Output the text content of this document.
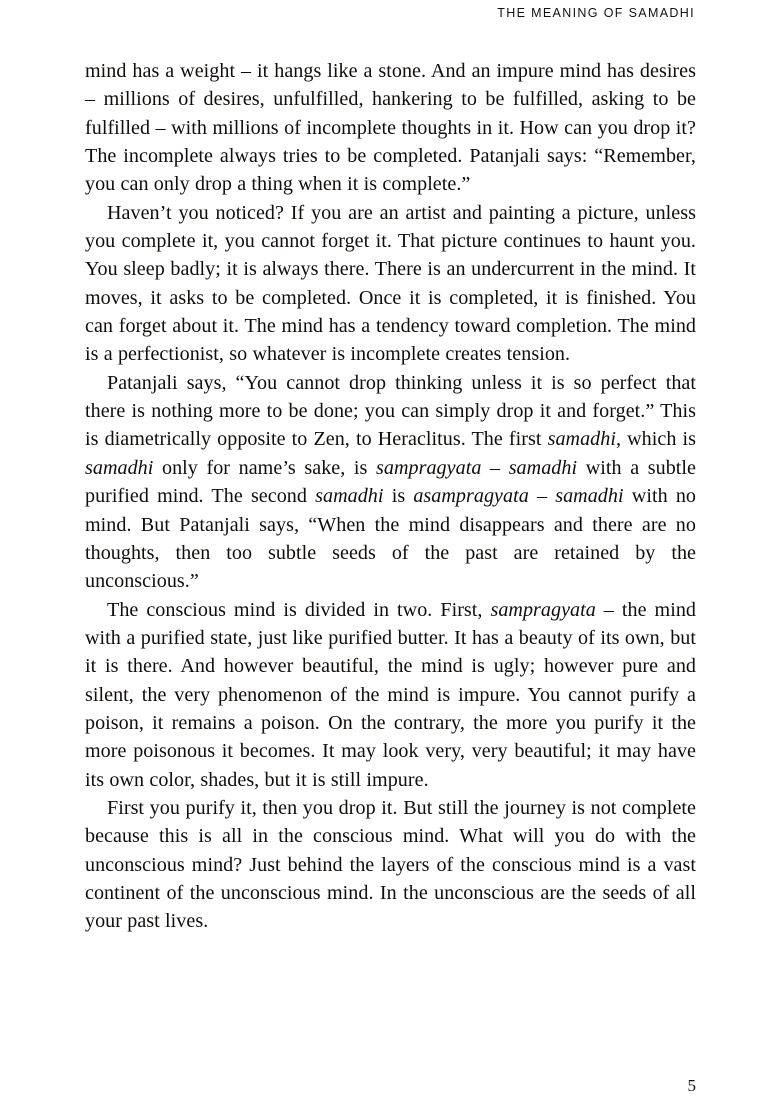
THE MEANING OF SAMADHI

mind has a weight – it hangs like a stone. And an impure mind has desires – millions of desires, unfulfilled, hankering to be fulfilled, asking to be fulfilled – with millions of incomplete thoughts in it. How can you drop it? The incomplete always tries to be completed. Patanjali says: “Remember, you can only drop a thing when it is complete.”

Haven’t you noticed? If you are an artist and painting a picture, unless you complete it, you cannot forget it. That picture continues to haunt you. You sleep badly; it is always there. There is an undercurrent in the mind. It moves, it asks to be completed. Once it is completed, it is finished. You can forget about it. The mind has a tendency toward completion. The mind is a perfectionist, so whatever is incomplete creates tension.

Patanjali says, “You cannot drop thinking unless it is so perfect that there is nothing more to be done; you can simply drop it and forget.” This is diametrically opposite to Zen, to Heraclitus. The first samadhi, which is samadhi only for name’s sake, is sampragyata – samadhi with a subtle purified mind. The second samadhi is asampragyata – samadhi with no mind. But Patanjali says, “When the mind disappears and there are no thoughts, then too subtle seeds of the past are retained by the unconscious.”

The conscious mind is divided in two. First, sampragyata – the mind with a purified state, just like purified butter. It has a beauty of its own, but it is there. And however beautiful, the mind is ugly; however pure and silent, the very phenomenon of the mind is impure. You cannot purify a poison, it remains a poison. On the contrary, the more you purify it the more poisonous it becomes. It may look very, very beautiful; it may have its own color, shades, but it is still impure.

First you purify it, then you drop it. But still the journey is not complete because this is all in the conscious mind. What will you do with the unconscious mind? Just behind the layers of the conscious mind is a vast continent of the unconscious mind. In the unconscious are the seeds of all your past lives.

5
